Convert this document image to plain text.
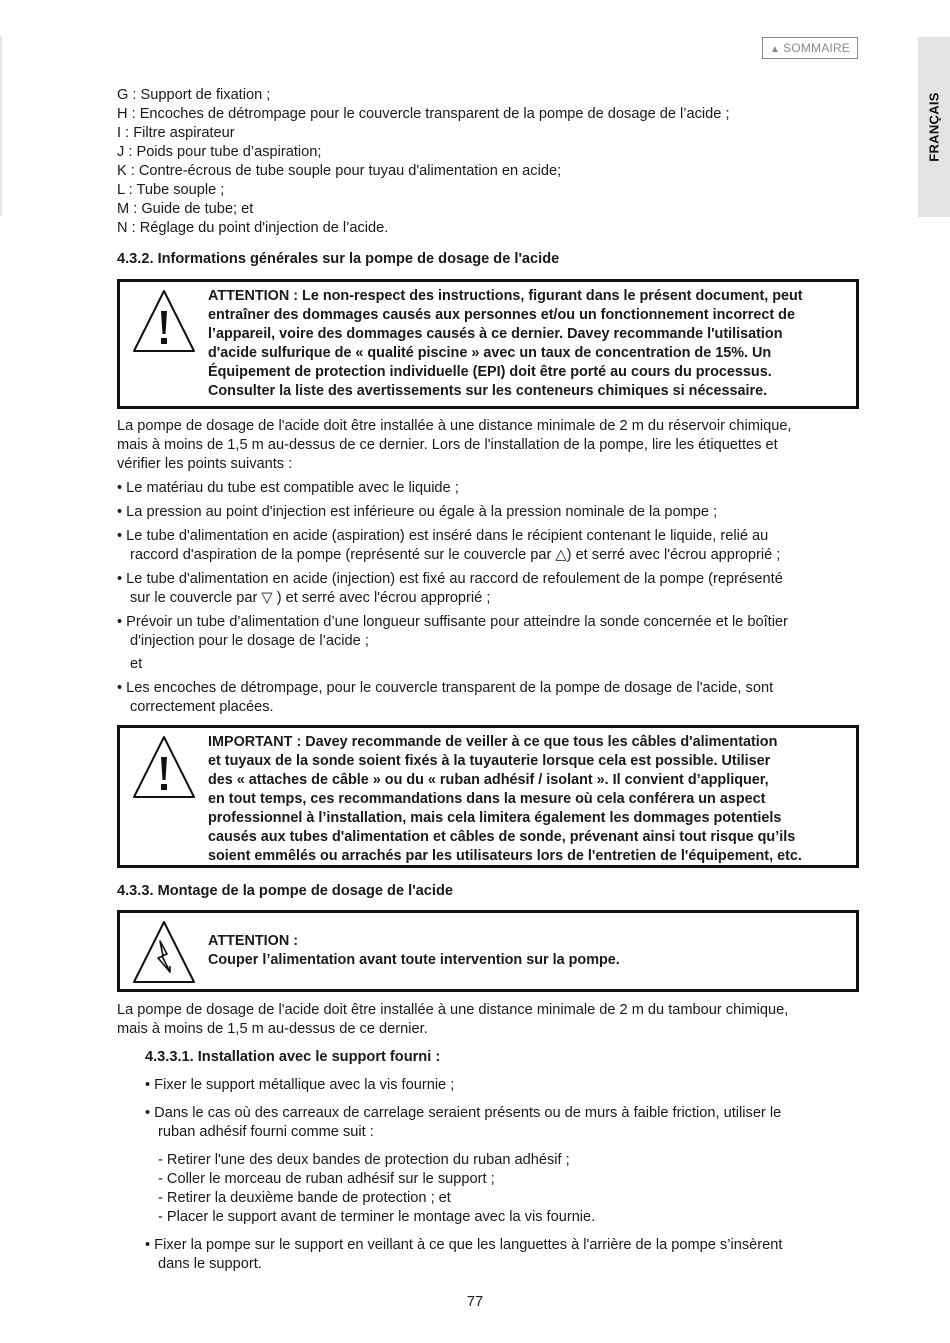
▲ SOMMAIRE
FRANÇAIS
G : Support de fixation ;
H : Encoches de détrompage pour le couvercle transparent de la pompe de dosage de l’acide ;
I : Filtre aspirateur
J : Poids pour tube d’aspiration;
K : Contre-écrous de tube souple pour tuyau d'alimentation en acide;
L : Tube souple ;
M : Guide de tube; et
N : Réglage du point d'injection de l’acide.
4.3.2. Informations générales sur la pompe de dosage de l'acide
ATTENTION : Le non-respect des instructions, figurant dans le présent document, peut
entraîner des dommages causés aux personnes et/ou un fonctionnement incorrect de
l’appareil, voire des dommages causés à ce dernier. Davey recommande l'utilisation
d'acide sulfurique de « qualité piscine » avec un taux de concentration de 15%. Un
Équipement de protection individuelle (EPI) doit être porté au cours du processus.
Consulter la liste des avertissements sur les conteneurs chimiques si nécessaire.

La pompe de dosage de l'acide doit être installée à une distance minimale de 2 m du réservoir chimique,

mais à moins de 1,5 m au-dessus de ce dernier. Lors de l'installation de la pompe, lire les étiquettes et

vérifier les points suivants :

• Le matériau du tube est compatible avec le liquide ;

• La pression au point d'injection est inférieure ou égale à la pression nominale de la pompe ;

• Le tube d'alimentation en acide (aspiration) est inséré dans le récipient contenant le liquide, relié au

raccord d'aspiration de la pompe (représenté sur le couvercle par △) et serré avec l'écrou approprié ;

• Le tube d'alimentation en acide (injection) est fixé au raccord de refoulement de la pompe (représenté

sur le couvercle par ▽ ) et serré avec l'écrou approprié ;

• Prévoir un tube d’alimentation d’une longueur suffisante pour atteindre la sonde concernée et le boîtier

d'injection pour le dosage de l’acide ;

et

• Les encoches de détrompage, pour le couvercle transparent de la pompe de dosage de l'acide, sont

correctement placées.

IMPORTANT : Davey recommande de veiller à ce que tous les câbles d'alimentation
et tuyaux de la sonde soient fixés à la tuyauterie lorsque cela est possible. Utiliser
des « attaches de câble » ou du « ruban adhésif / isolant ». Il convient d’appliquer,
en tout temps, ces recommandations dans la mesure où cela conférera un aspect
professionnel à l’installation, mais cela limitera également les dommages potentiels
causés aux tubes d'alimentation et câbles de sonde, prévenant ainsi tout risque qu’ils
soient emmêlés ou arrachés par les utilisateurs lors de l'entretien de l'équipement, etc.
4.3.3. Montage de la pompe de dosage de l'acide
ATTENTION :
Couper l’alimentation avant toute intervention sur la pompe.

La pompe de dosage de l'acide doit être installée à une distance minimale de 2 m du tambour chimique,

mais à moins de 1,5 m au-dessus de ce dernier.

4.3.3.1. Installation avec le support fourni :

• Fixer le support métallique avec la vis fournie ;

• Dans le cas où des carreaux de carrelage seraient présents ou de murs à faible friction, utiliser le

ruban adhésif fourni comme suit :

- Retirer l'une des deux bandes de protection du ruban adhésif ;

- Coller le morceau de ruban adhésif sur le support ;

- Retirer la deuxième bande de protection ; et

- Placer le support avant de terminer le montage avec la vis fournie.

• Fixer la pompe sur le support en veillant à ce que les languettes à l'arrière de la pompe s’insèrent

dans le support.

77
